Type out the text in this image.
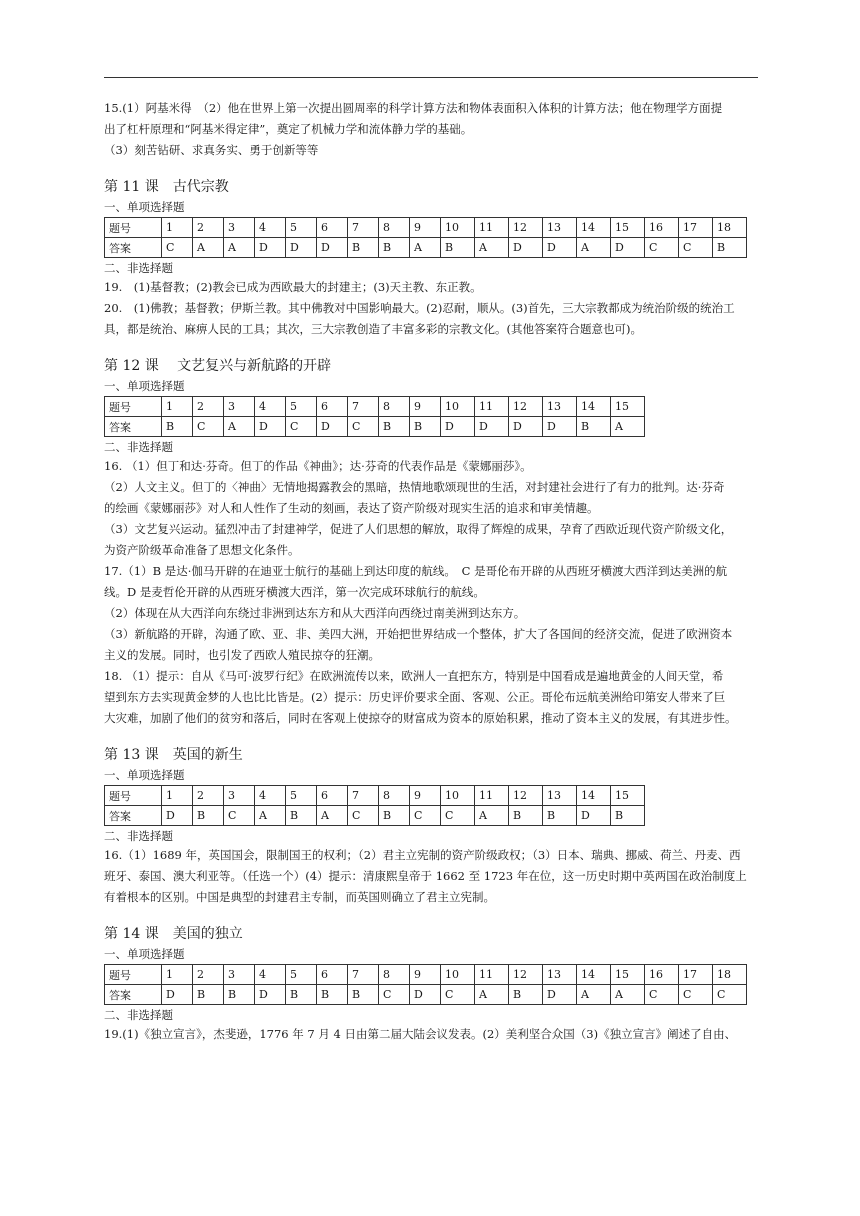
15.(1）阿基米得　（2）他在世界上第一次提出圆周率的科学计算方法和物体表面积入体积的计算方法；他在物理学方面提

出了杠杆原理和“阿基米得定律”，奠定了机械力学和流体静力学的基础。

（3）刻苦钻研、求真务实、勇于创新等等

第 11 课　古代宗教
一、单项选择题
题号	1	2	3	4	5	6	7	8	9	10	11	12	13	14	15	16	17	18
答案	C	A	A	D	D	D	B	B	A	B	A	D	D	A	D	C	C	B
二、非选择题

19.　(1)基督教；(2)教会已成为西欧最大的封建主；(3)天主教、东正教。

20.　(1)佛教；基督教；伊斯兰教。其中佛教对中国影响最大。(2)忍耐，顺从。(3)首先，三大宗教都成为统治阶级的统治工

具，都是统治、麻痹人民的工具；其次，三大宗教创造了丰富多彩的宗教文化。(其他答案符合题意也可)。

第 12 课　 文艺复兴与新航路的开辟
一、单项选择题
题号	1	2	3	4	5	6	7	8	9	10	11	12	13	14	15
答案	B	C	A	D	C	D	C	B	B	D	D	D	D	B	A
二、非选择题

16. （1）但丁和达·芬奇。但丁的作品《神曲》；达·芬奇的代表作品是《蒙娜丽莎》。

（2）人文主义。但丁的〈神曲〉无情地揭露教会的黑暗，热情地歌颂现世的生活，对封建社会进行了有力的批判。达·芬奇

的绘画《蒙娜丽莎》对人和人性作了生动的刻画，表达了资产阶级对现实生活的追求和审美情趣。

（3）文艺复兴运动。猛烈冲击了封建神学，促进了人们思想的解放，取得了辉煌的成果，孕育了西欧近现代资产阶级文化，

为资产阶级革命准备了思想文化条件。

17.（1）B 是达·伽马开辟的在迪亚士航行的基础上到达印度的航线。　C 是哥伦布开辟的从西班牙横渡大西洋到达美洲的航

线。D 是麦哲伦开辟的从西班牙横渡大西洋，第一次完成环球航行的航线。

（2）体现在从大西洋向东绕过非洲到达东方和从大西洋向西绕过南美洲到达东方。

（3）新航路的开辟，沟通了欧、亚、非、美四大洲，开始把世界结成一个整体，扩大了各国间的经济交流，促进了欧洲资本

主义的发展。同时，也引发了西欧人殖民掠夺的狂潮。

18. （1）提示：自从《马可·波罗行纪》在欧洲流传以来，欧洲人一直把东方，特别是中国看成是遍地黄金的人间天堂，希

望到东方去实现黄金梦的人也比比皆是。(2）提示：历史评价要求全面、客观、公正。哥伦布远航美洲给印第安人带来了巨

大灾难，加剧了他们的贫穷和落后，同时在客观上使掠夺的财富成为资本的原始积累，推动了资本主义的发展，有其进步性。

第 13 课　英国的新生
一、单项选择题
题号	1	2	3	4	5	6	7	8	9	10	11	12	13	14	15
答案	D	B	C	A	B	A	C	B	C	C	A	B	B	D	B
二、非选择题

16.（1）1689 年，英国国会，限制国王的权利；（2）君主立宪制的资产阶级政权；（3）日本、瑞典、挪威、荷兰、丹麦、西

班牙、泰国、澳大利亚等。（任选一个）(4）提示：清康熙皇帝于 1662 至 1723 年在位，这一历史时期中英两国在政治制度上

有着根本的区别。中国是典型的封建君主专制，而英国则确立了君主立宪制。

第 14 课　美国的独立
一、单项选择题
题号	1	2	3	4	5	6	7	8	9	10	11	12	13	14	15	16	17	18
答案	D	B	B	D	B	B	B	C	D	C	A	B	D	A	A	C	C	C
二、非选择题

19.(1)《独立宣言》，杰斐逊，1776 年 7 月 4 日由第二届大陆会议发表。(2）美利坚合众国（3)《独立宣言》阐述了自由、
